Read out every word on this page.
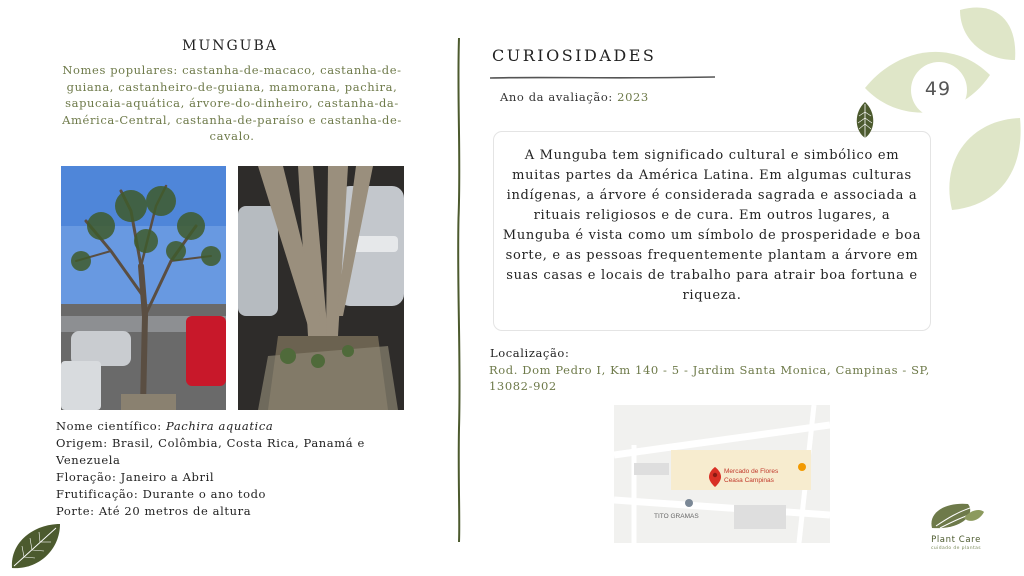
MUNGUBA
Nomes populares: castanha-de-macaco, castanha-de-guiana, castanheiro-de-guiana, mamorana, pachira, sapucaia-aquática, árvore-do-dinheiro, castanha-da-América-Central, castanha-de-paraíso e castanha-de-cavalo.
Nome científico: Pachira aquatica
Origem: Brasil, Colômbia, Costa Rica, Panamá e Venezuela
Floração: Janeiro a Abril
Frutificação: Durante o ano todo
Porte: Até 20 metros de altura
CURIOSIDADES
Ano da avaliação: 2023
A Munguba tem significado cultural e simbólico em muitas partes da América Latina. Em algumas culturas indígenas, a árvore é considerada sagrada e associada a rituais religiosos e de cura. Em outros lugares, a Munguba é vista como um símbolo de prosperidade e boa sorte, e as pessoas frequentemente plantam a árvore em suas casas e locais de trabalho para atrair boa fortuna e riqueza.
Localização:
Rod. Dom Pedro I, Km 140 - 5 - Jardim Santa Monica, Campinas - SP, 13082-902
Mercado de Flores
Ceasa Campinas
TITO GRAMAS
49
Plant Care
cuidado de plantas
